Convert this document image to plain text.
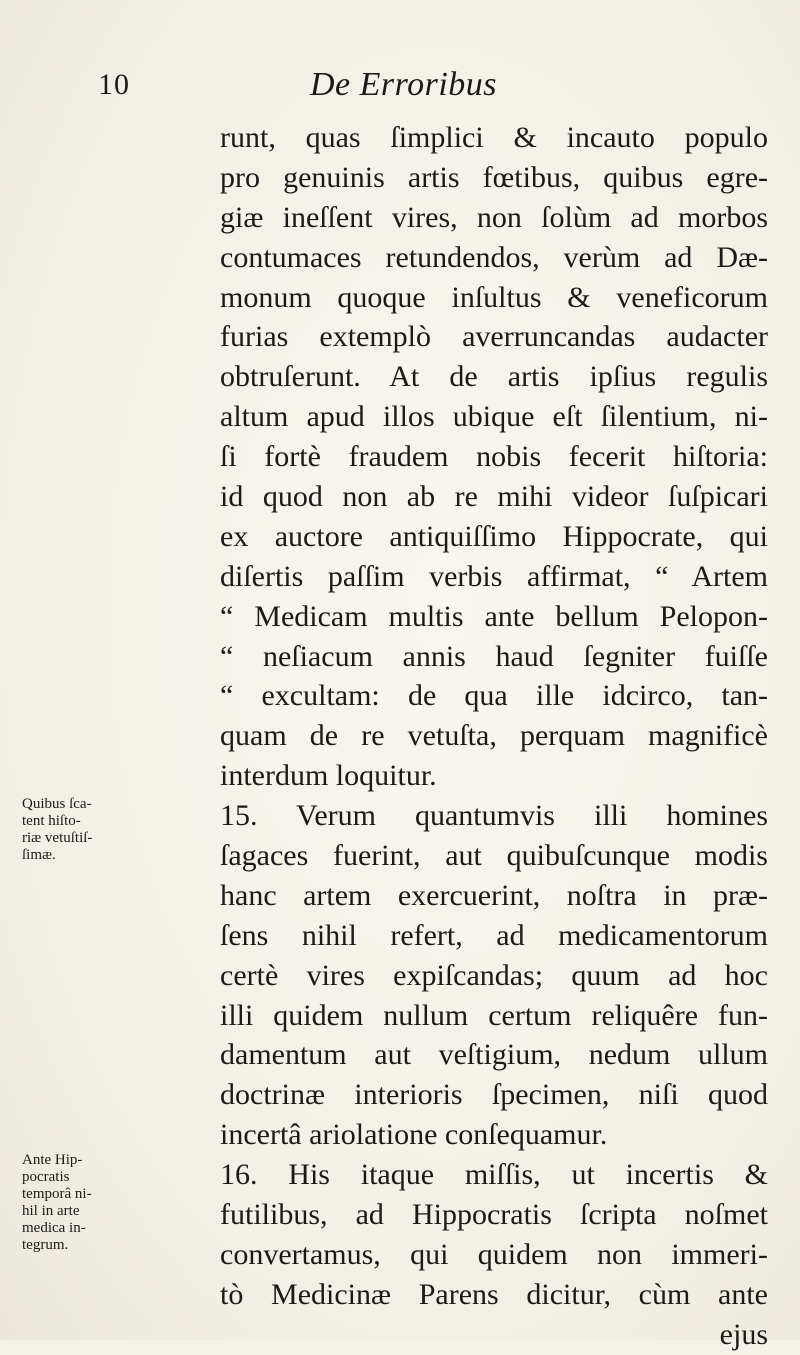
10	De Erroribus
runt, quas ſimplici & incauto populo
pro genuinis artis fœtibus, quibus egre-
giæ ineſſent vires, non ſolùm ad morbos
contumaces retundendos, verùm ad Dæ-
monum quoque inſultus & veneficorum
furias extemplò averruncandas audacter
obtruſerunt. At de artis ipſius regulis
altum apud illos ubique eſt ſilentium, ni-
ſi fortè fraudem nobis fecerit hiſtoria:
id quod non ab re mihi videor ſuſpicari
ex auctore antiquiſſimo Hippocrate, qui
diſertis paſſim verbis affirmat, “ Artem
“ Medicam multis ante bellum Pelopon-
“ neſiacum annis haud ſegniter fuiſſe
“ excultam: de qua ille idcirco, tan-
quam de re vetuſta, perquam magnificè
interdum loquitur.
15. Verum quantumvis illi homines
ſagaces fuerint, aut quibuſcunque modis
hanc artem exercuerint, noſtra in præ-
ſens nihil refert, ad medicamentorum
certè vires expiſcandas; quum ad hoc
illi quidem nullum certum reliquêre fun-
damentum aut veſtigium, nedum ullum
doctrinæ interioris ſpecimen, niſi quod
incertâ ariolatione conſequamur.
16. His itaque miſſis, ut incertis &
futilibus, ad Hippocratis ſcripta noſmet
convertamus, qui quidem non immeri-
tò Medicinæ Parens dicitur, cùm ante
ejus
Quibus ſca-
tent hiſto-
riæ vetuſtiſ-
ſimæ.
Ante Hip-
pocratis
temporâ ni-
hil in arte
medica in-
tegrum.
